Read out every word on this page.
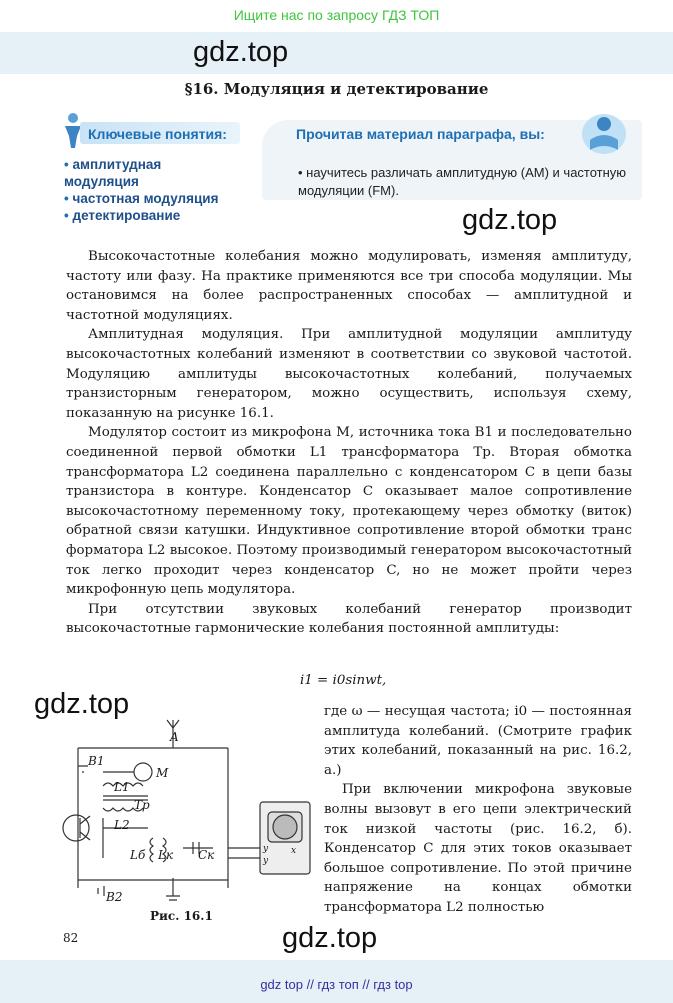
Ищите нас по запросу ГДЗ ТОП
gdz.top
gdz.top
gdz.top
gdz.top
§16. Модуляция и детектирование
Ключевые понятия:
• амплитудная модуляция
• частотная модуляция
• детектирование
Прочитав материал параграфа, вы:
• научитесь различать амплитудную (АМ) и частотную модуляции (FM).

Высокочастотные колебания можно модулировать, изменяя амплитуду, частоту или фазу. На практике применяются все три способа модуляции. Мы остановимся на более распространенных способах — амплитудной и частотной модуляциях.

Амплитудная модуляция. При амплитудной модуляции амплитуду высокочастотных колебаний изменяют в соответствии со звуковой частотой. Модуляцию амплитуды высокочастотных колебаний, получаемых транзисторным генератором, можно осуществить, используя схему, показанную на рисунке 16.1.

Модулятор состоит из микрофона M, источника тока B1 и последовательно соединенной первой обмотки L1 трансформатора Tp. Вторая обмотка трансформатора L2 соединена параллельно с конденсатором C в цепи базы транзистора в контуре. Конденсатор C оказывает малое сопротивление высокочастотному переменному току, протекающему через обмотку (виток) обратной связи катушки. Индуктивное сопротивление второй обмотки транс форматора L2 высокое. Поэтому производимый генератором высокочастотный ток легко проходит через конденсатор C, но не может пройти через микрофонную цепь модулятора.

При отсутствии звуковых колебаний генератор производит высокочастотные гармонические колебания постоянной амплитуды:

i1 = i0sinwt,

где ω — несущая частота; i0 — постоянная амплитуда колебаний. (Смотрите график этих колебаний, показанный на рис. 16.2, а.)

При включении микрофона звуковые волны вызовут в его цепи электрический ток низкой частоты (рис. 16.2, б). Конденсатор C для этих токов оказывает большое сопротивление. По этой причине напряжение на концах обмотки трансформатора L2 полностью

A
B1
M
L1
Tp
L2
Lб Lк Cк
B2
y	x
y
Рис. 16.1
82
gdz top // гдз топ // гдз top
